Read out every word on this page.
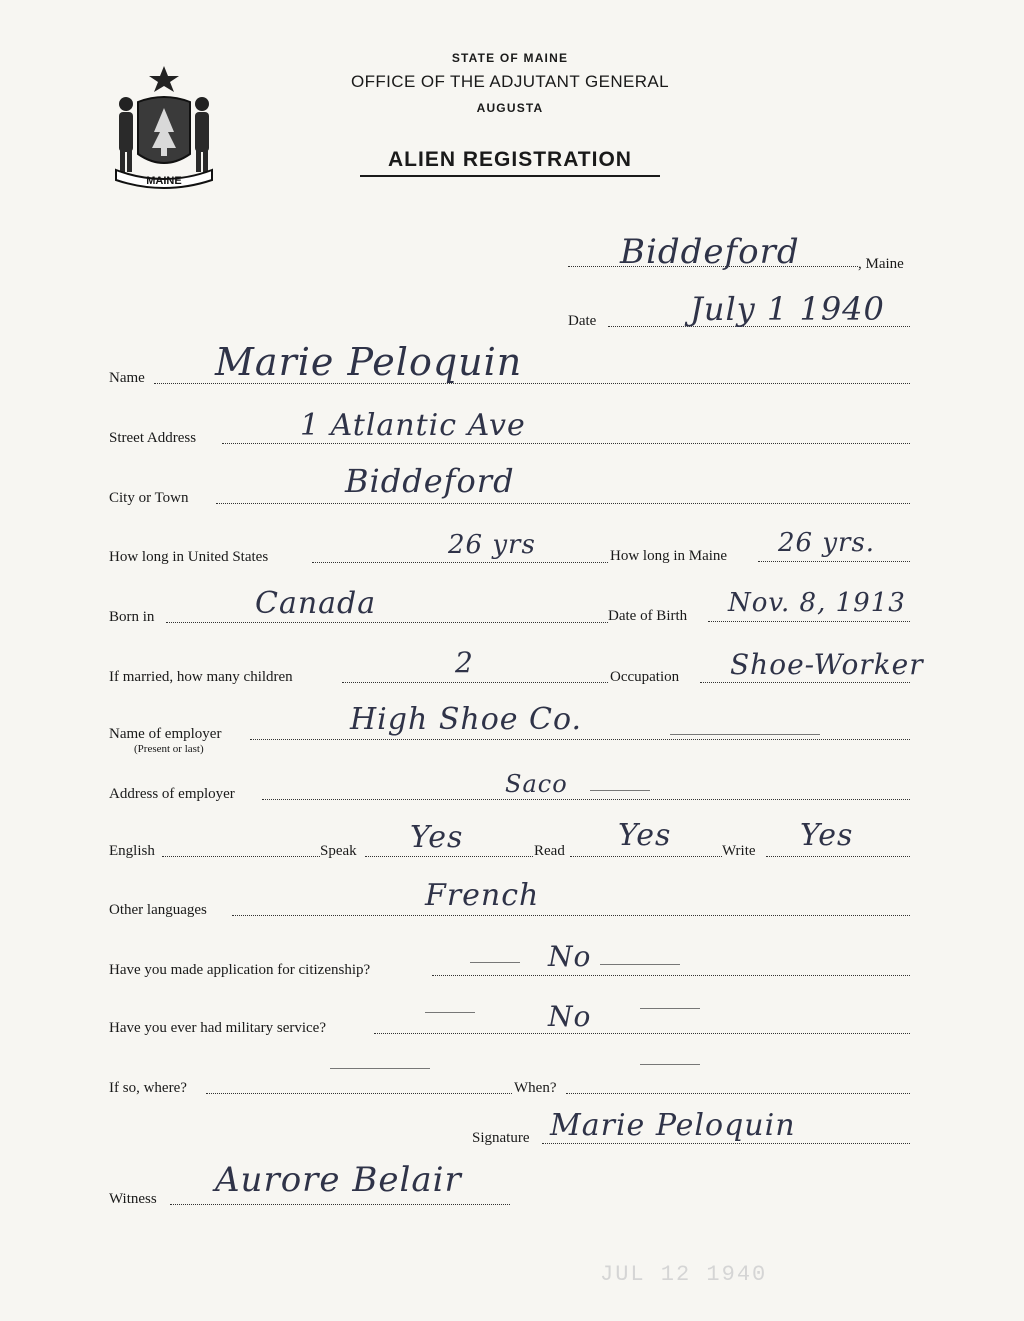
MAINE
STATE OF MAINE
OFFICE OF THE ADJUTANT GENERAL
AUGUSTA
ALIEN REGISTRATION
Biddeford	, Maine
Date	July 1 1940
Name Marie Peloquin
Street Address	1 Atlantic Ave
City or Town	Biddeford
How long in United States	26 yrs	How long in Maine 26 yrs.
Born in	Canada	Date of Birth Nov. 8, 1913
If married, how many children	2	Occupation Shoe-Worker
Name of employer
(Present or last)
High Shoe Co.
Address of employer	Saco
English	Speak Yes	Read Yes	Write Yes
Other languages	French
Have you made application for citizenship?	No
Have you ever had military service?	No
If so, where?	When?
Signature Marie Peloquin
Witness Aurore Belair
JUL 12 1940
